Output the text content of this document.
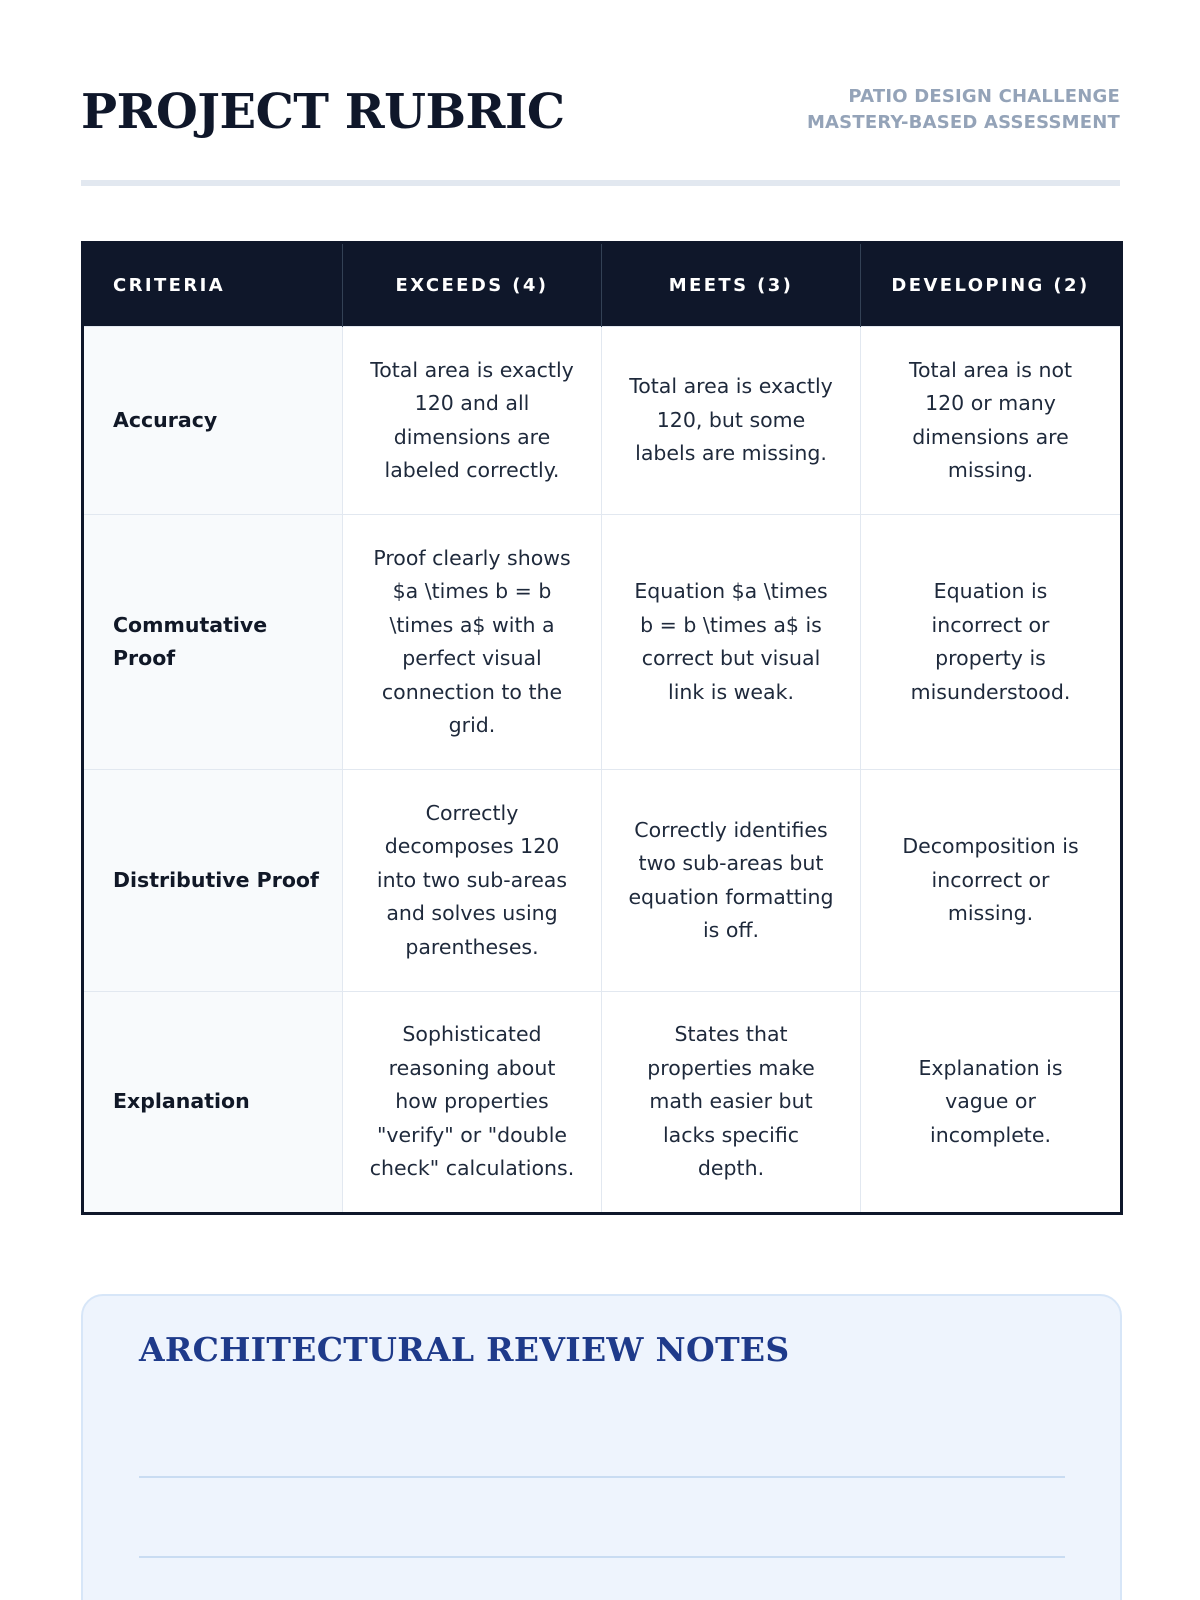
PROJECT RUBRIC	PATIO DESIGN CHALLENGE
MASTERY-BASED ASSESSMENT
CRITERIA	EXCEEDS (4)	MEETS (3)	DEVELOPING (2)
Accuracy	Total area is exactly 120 and all dimensions are labeled correctly.	Total area is exactly 120, but some labels are missing.	Total area is not 120 or many dimensions are missing.
Commutative Proof	Proof clearly shows $a \times b = b \times a$ with a perfect visual connection to the grid.	Equation $a \times b = b \times a$ is correct but visual link is weak.	Equation is incorrect or property is misunderstood.
Distributive Proof	Correctly decomposes 120 into two sub-areas and solves using parentheses.	Correctly identifies two sub-areas but equation formatting is off.	Decomposition is incorrect or missing.
Explanation	Sophisticated reasoning about how properties "verify" or "double check" calculations.	States that properties make math easier but lacks specific depth.	Explanation is vague or incomplete.
ARCHITECTURAL REVIEW NOTES
